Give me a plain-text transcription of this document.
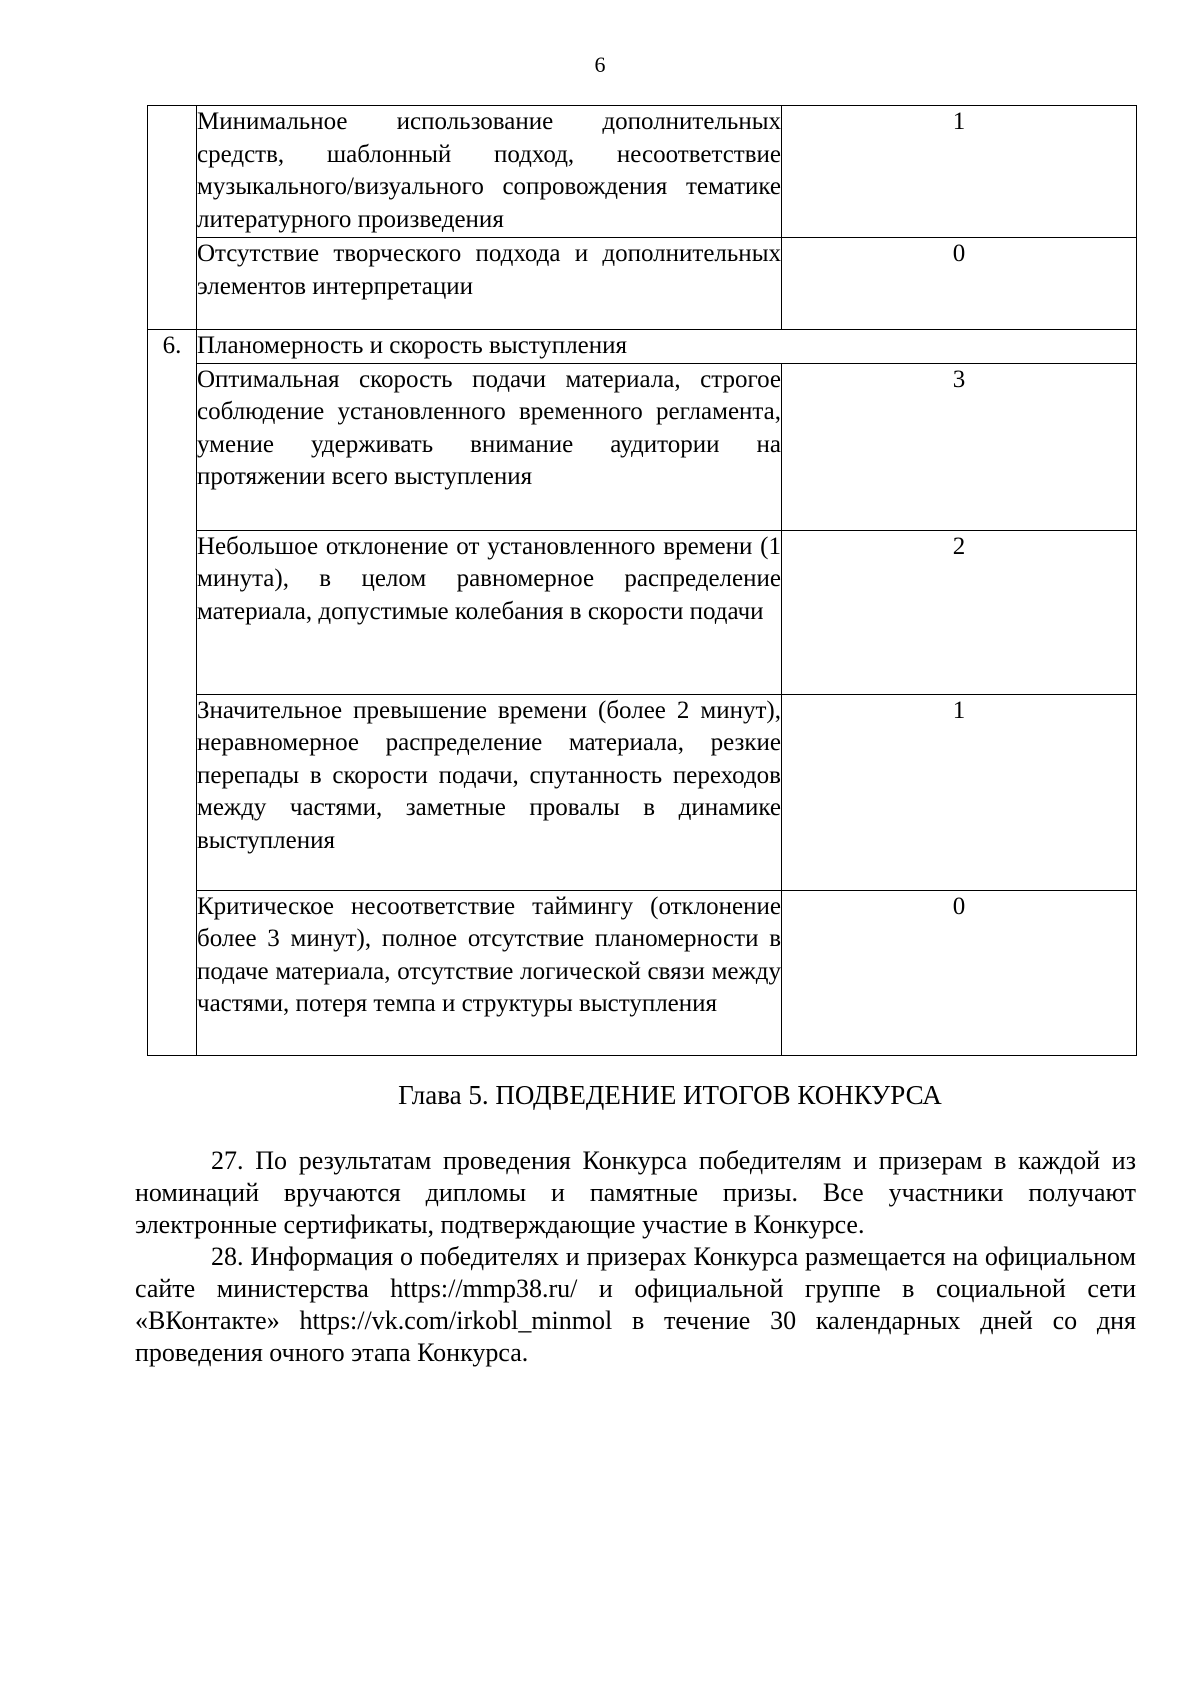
6

	Минимальное использование дополнительных средств, шаблонный подход, несоответствие музыкального/визуального сопровождения тематике литературного произведения	1

	Отсутствие творческого подхода и дополнительных элементов интерпретации	0
6.	Планомерность и скорость выступления	

	Оптимальная скорость подачи материала, строгое соблюдение установленного временного регламента, умение удерживать внимание аудитории на протяжении всего выступления	3

	Небольшое отклонение от установленного времени (1 минута), в целом равномерное распределение материала, допустимые колебания в скорости подачи	2

	Значительное превышение времени (более 2 минут), неравномерное распределение материала, резкие перепады в скорости подачи, спутанность переходов между частями, заметные провалы в динамике выступления	1

	Критическое несоответствие таймингу (отклонение более 3 минут), полное отсутствие планомерности в подаче материала, отсутствие логической связи между частями, потеря темпа и структуры выступления	0
Глава 5. ПОДВЕДЕНИЕ ИТОГОВ КОНКУРСА

27. По результатам проведения Конкурса победителям и призерам в каждой из номинаций вручаются дипломы и памятные призы. Все участники получают электронные сертификаты, подтверждающие участие в Конкурсе.

28. Информация о победителях и призерах Конкурса размещается на официальном сайте министерства https://mmp38.ru/ и официальной группе в социальной сети «ВКонтакте» https://vk.com/irkobl_minmol в течение 30 календарных дней со дня проведения очного этапа Конкурса.
